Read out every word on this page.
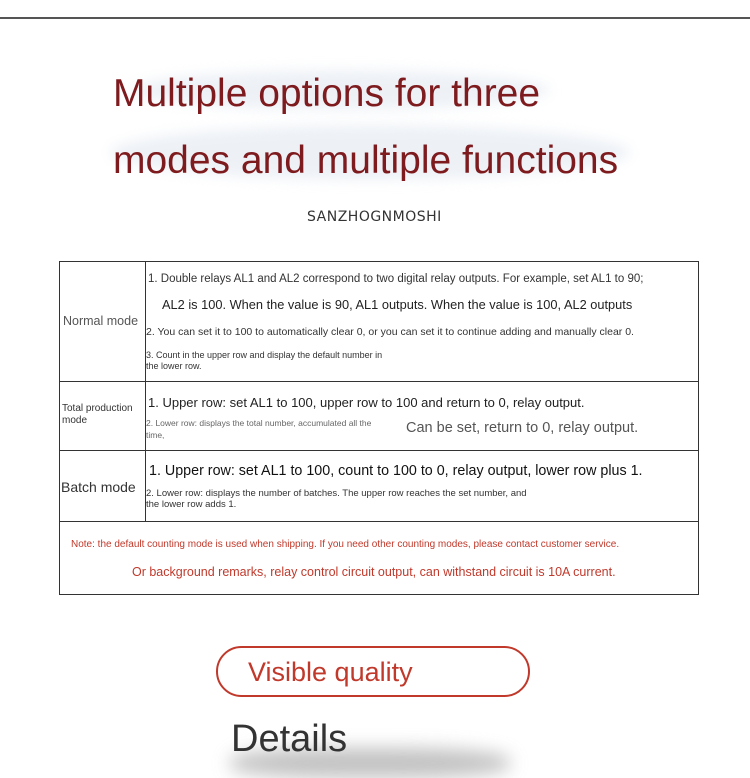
Multiple options for three
modes and multiple functions
SANZHOGNMOSHI
Normal mode
1. Double relays AL1 and AL2 correspond to two digital relay outputs. For example, set AL1 to 90;
AL2 is 100. When the value is 90, AL1 outputs. When the value is 100, AL2 outputs
2. You can set it to 100 to automatically clear 0, or you can set it to continue adding and manually clear 0.
3. Count in the upper row and display the default number in
the lower row.
Total production
mode
1. Upper row: set AL1 to 100, upper row to 100 and return to 0, relay output.
2. Lower row: displays the total number, accumulated all the
time,	Can be set, return to 0, relay output.
Batch mode
1. Upper row: set AL1 to 100, count to 100 to 0, relay output, lower row plus 1.
2. Lower row: displays the number of batches. The upper row reaches the set number, and
the lower row adds 1.
Note: the default counting mode is used when shipping. If you need other counting modes, please contact customer service.
Or background remarks, relay control circuit output, can withstand circuit is 10A current.
Visible quality
Details
